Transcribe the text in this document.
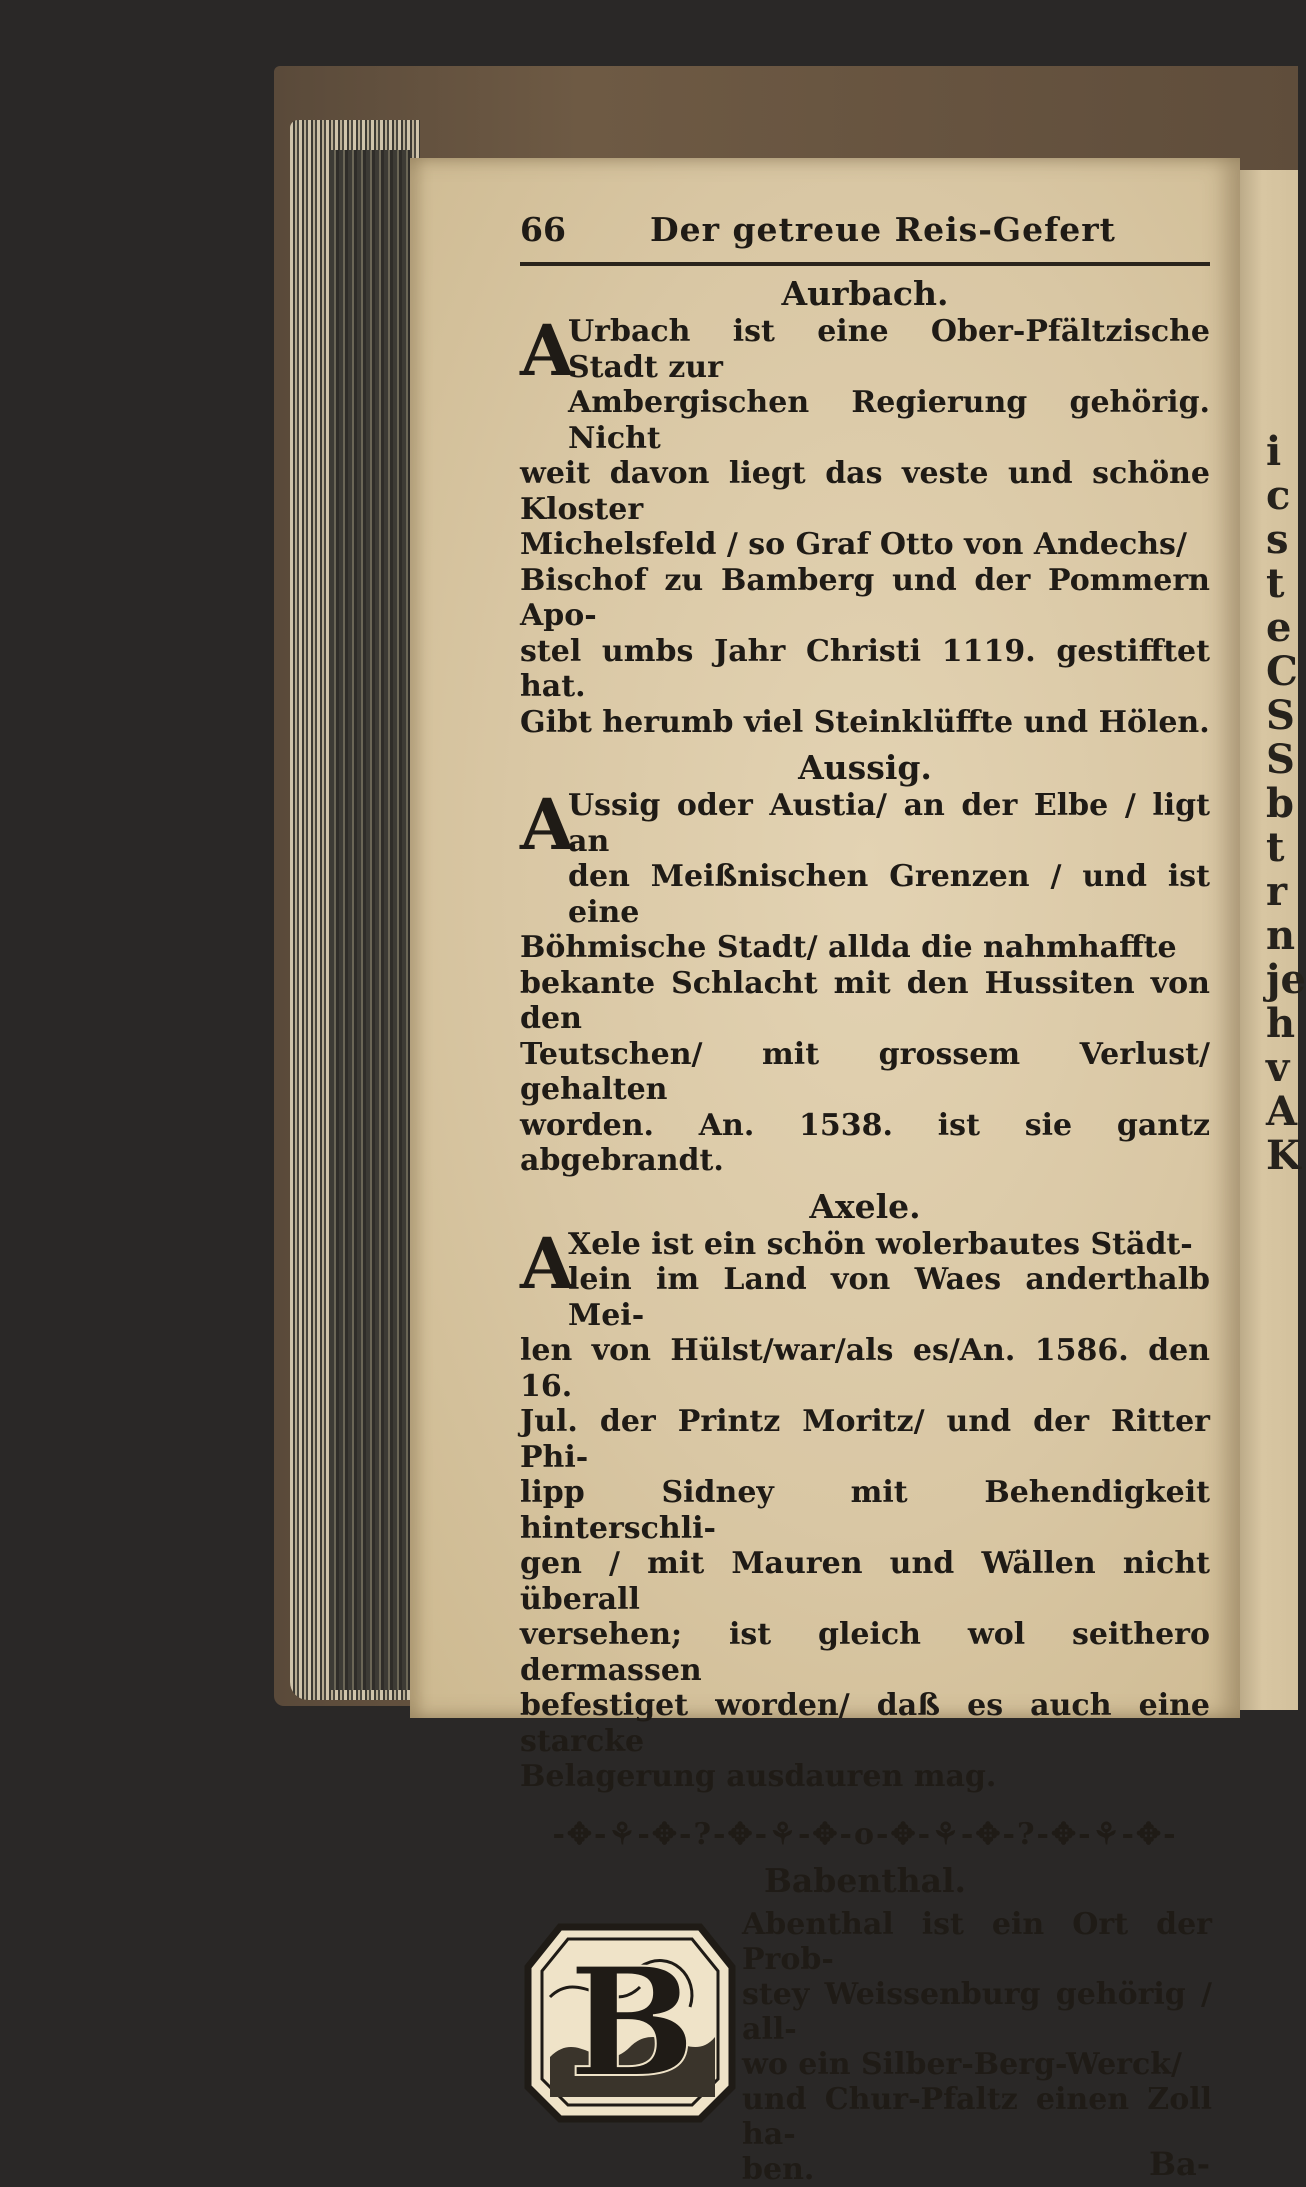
i
c
s
t
e
C
S
S
b
t
r
n
je
h
v
A
K
66	Der getreue Reis-Gefert
Aurbach.

A
Urbach ist eine Ober-Pfältzische Stadt zur

Ambergischen Regierung gehörig. Nicht

weit davon liegt das veste und schöne Kloster

Michelsfeld / so Graf Otto von Andechs/

Bischof zu Bamberg und der Pommern Apo-

stel umbs Jahr Christi 1119. gestifftet hat.

Gibt herumb viel Steinklüffte und Hölen.

Aussig.

A
Ussig oder Austia/ an der Elbe / ligt an

den Meißnischen Grenzen / und ist eine

Böhmische Stadt/ allda die nahmhaffte

bekante Schlacht mit den Hussiten von den

Teutschen/ mit grossem Verlust/ gehalten

worden. An. 1538. ist sie gantz abgebrandt.

Axele.

A
Xele ist ein schön wolerbautes Städt-

lein im Land von Waes anderthalb Mei-

len von Hülst/war/als es/An. 1586. den 16.

Jul. der Printz Moritz/ und der Ritter Phi-

lipp Sidney mit Behendigkeit hinterschli-

gen / mit Mauren und Wällen nicht überall

versehen; ist gleich wol seithero dermassen

befestiget worden/ daß es auch eine starcke

Belagerung ausdauren mag.

-✥-⚘-✥-?-✥-⚘-✥-o-✥-⚘-✥-?-✥-⚘-✥-
Babenthal.
B

Abenthal ist ein Ort der Prob-

stey Weissenburg gehörig / all-

wo ein Silber-Berg-Werck/

und Chur-Pfaltz einen Zoll ha-

ben.	Ba-
